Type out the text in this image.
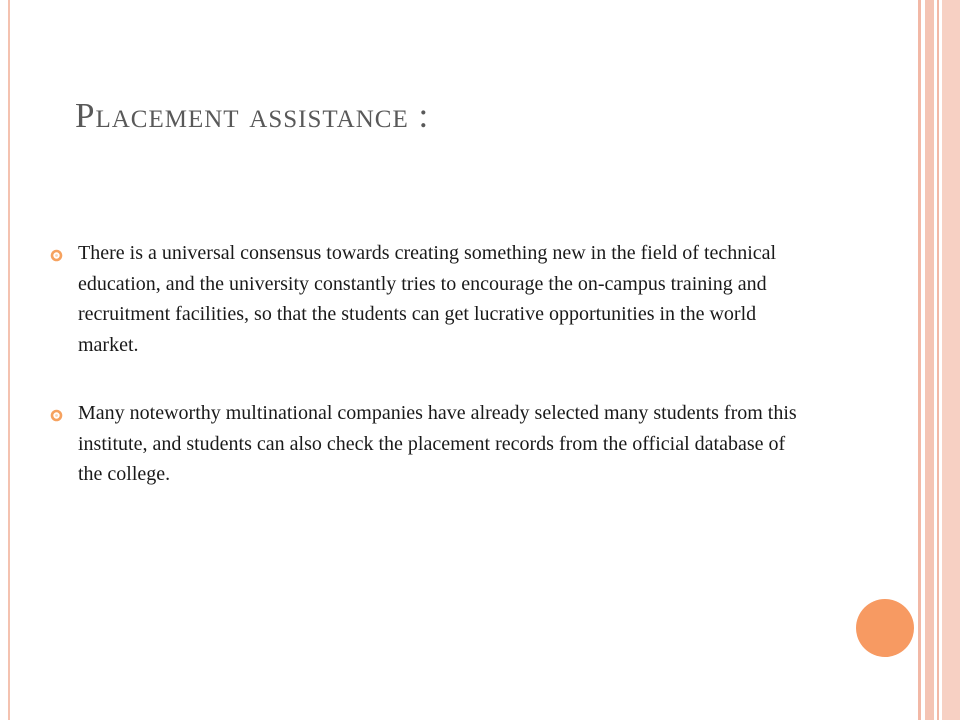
Placement assistance :
There is a universal consensus towards creating something new in the field of technical education, and the university constantly tries to encourage the on-campus training and recruitment facilities, so that the students can get lucrative opportunities in the world market.
Many noteworthy multinational companies have already selected many students from this institute, and students can also check the placement records from the official database of the college.
